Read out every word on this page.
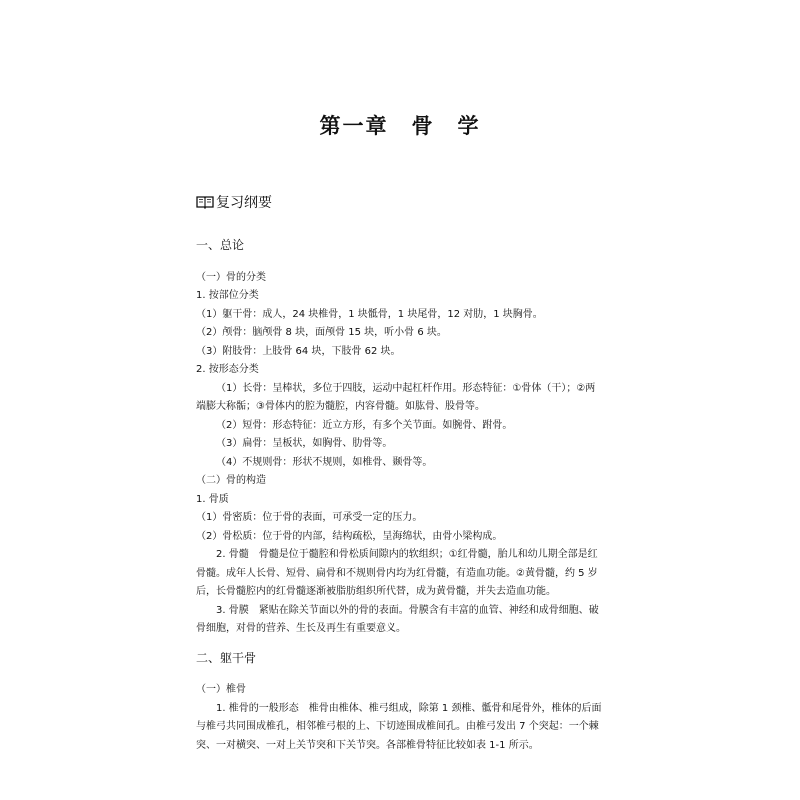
第一章　骨　学
复习纲要

一、总论

（一）骨的分类

1. 按部位分类

（1）躯干骨：成人，24 块椎骨，1 块骶骨，1 块尾骨，12 对肋，1 块胸骨。

（2）颅骨：脑颅骨 8 块，面颅骨 15 块，听小骨 6 块。

（3）附肢骨：上肢骨 64 块，下肢骨 62 块。

2. 按形态分类

（1）长骨：呈棒状，多位于四肢，运动中起杠杆作用。形态特征：①骨体（干）；②两端膨大称骺；③骨体内的腔为髓腔，内容骨髓。如肱骨、股骨等。

（2）短骨：形态特征：近立方形，有多个关节面。如腕骨、跗骨。

（3）扁骨：呈板状，如胸骨、肋骨等。

（4）不规则骨：形状不规则，如椎骨、颞骨等。

（二）骨的构造

1. 骨质

（1）骨密质：位于骨的表面，可承受一定的压力。

（2）骨松质：位于骨的内部，结构疏松，呈海绵状，由骨小梁构成。

2. 骨髓　骨髓是位于髓腔和骨松质间隙内的软组织；①红骨髓，胎儿和幼儿期全部是红骨髓。成年人长骨、短骨、扁骨和不规则骨内均为红骨髓，有造血功能。②黄骨髓，约 5 岁后，长骨髓腔内的红骨髓逐渐被脂肪组织所代替，成为黄骨髓，并失去造血功能。

3. 骨膜　紧贴在除关节面以外的骨的表面。骨膜含有丰富的血管、神经和成骨细胞、破骨细胞，对骨的营养、生长及再生有重要意义。

二、躯干骨

（一）椎骨

1. 椎骨的一般形态　椎骨由椎体、椎弓组成，除第 1 颈椎、骶骨和尾骨外，椎体的后面与椎弓共同围成椎孔，相邻椎弓根的上、下切迹围成椎间孔。由椎弓发出 7 个突起：一个棘突、一对横突、一对上关节突和下关节突。各部椎骨特征比较如表 1-1 所示。
